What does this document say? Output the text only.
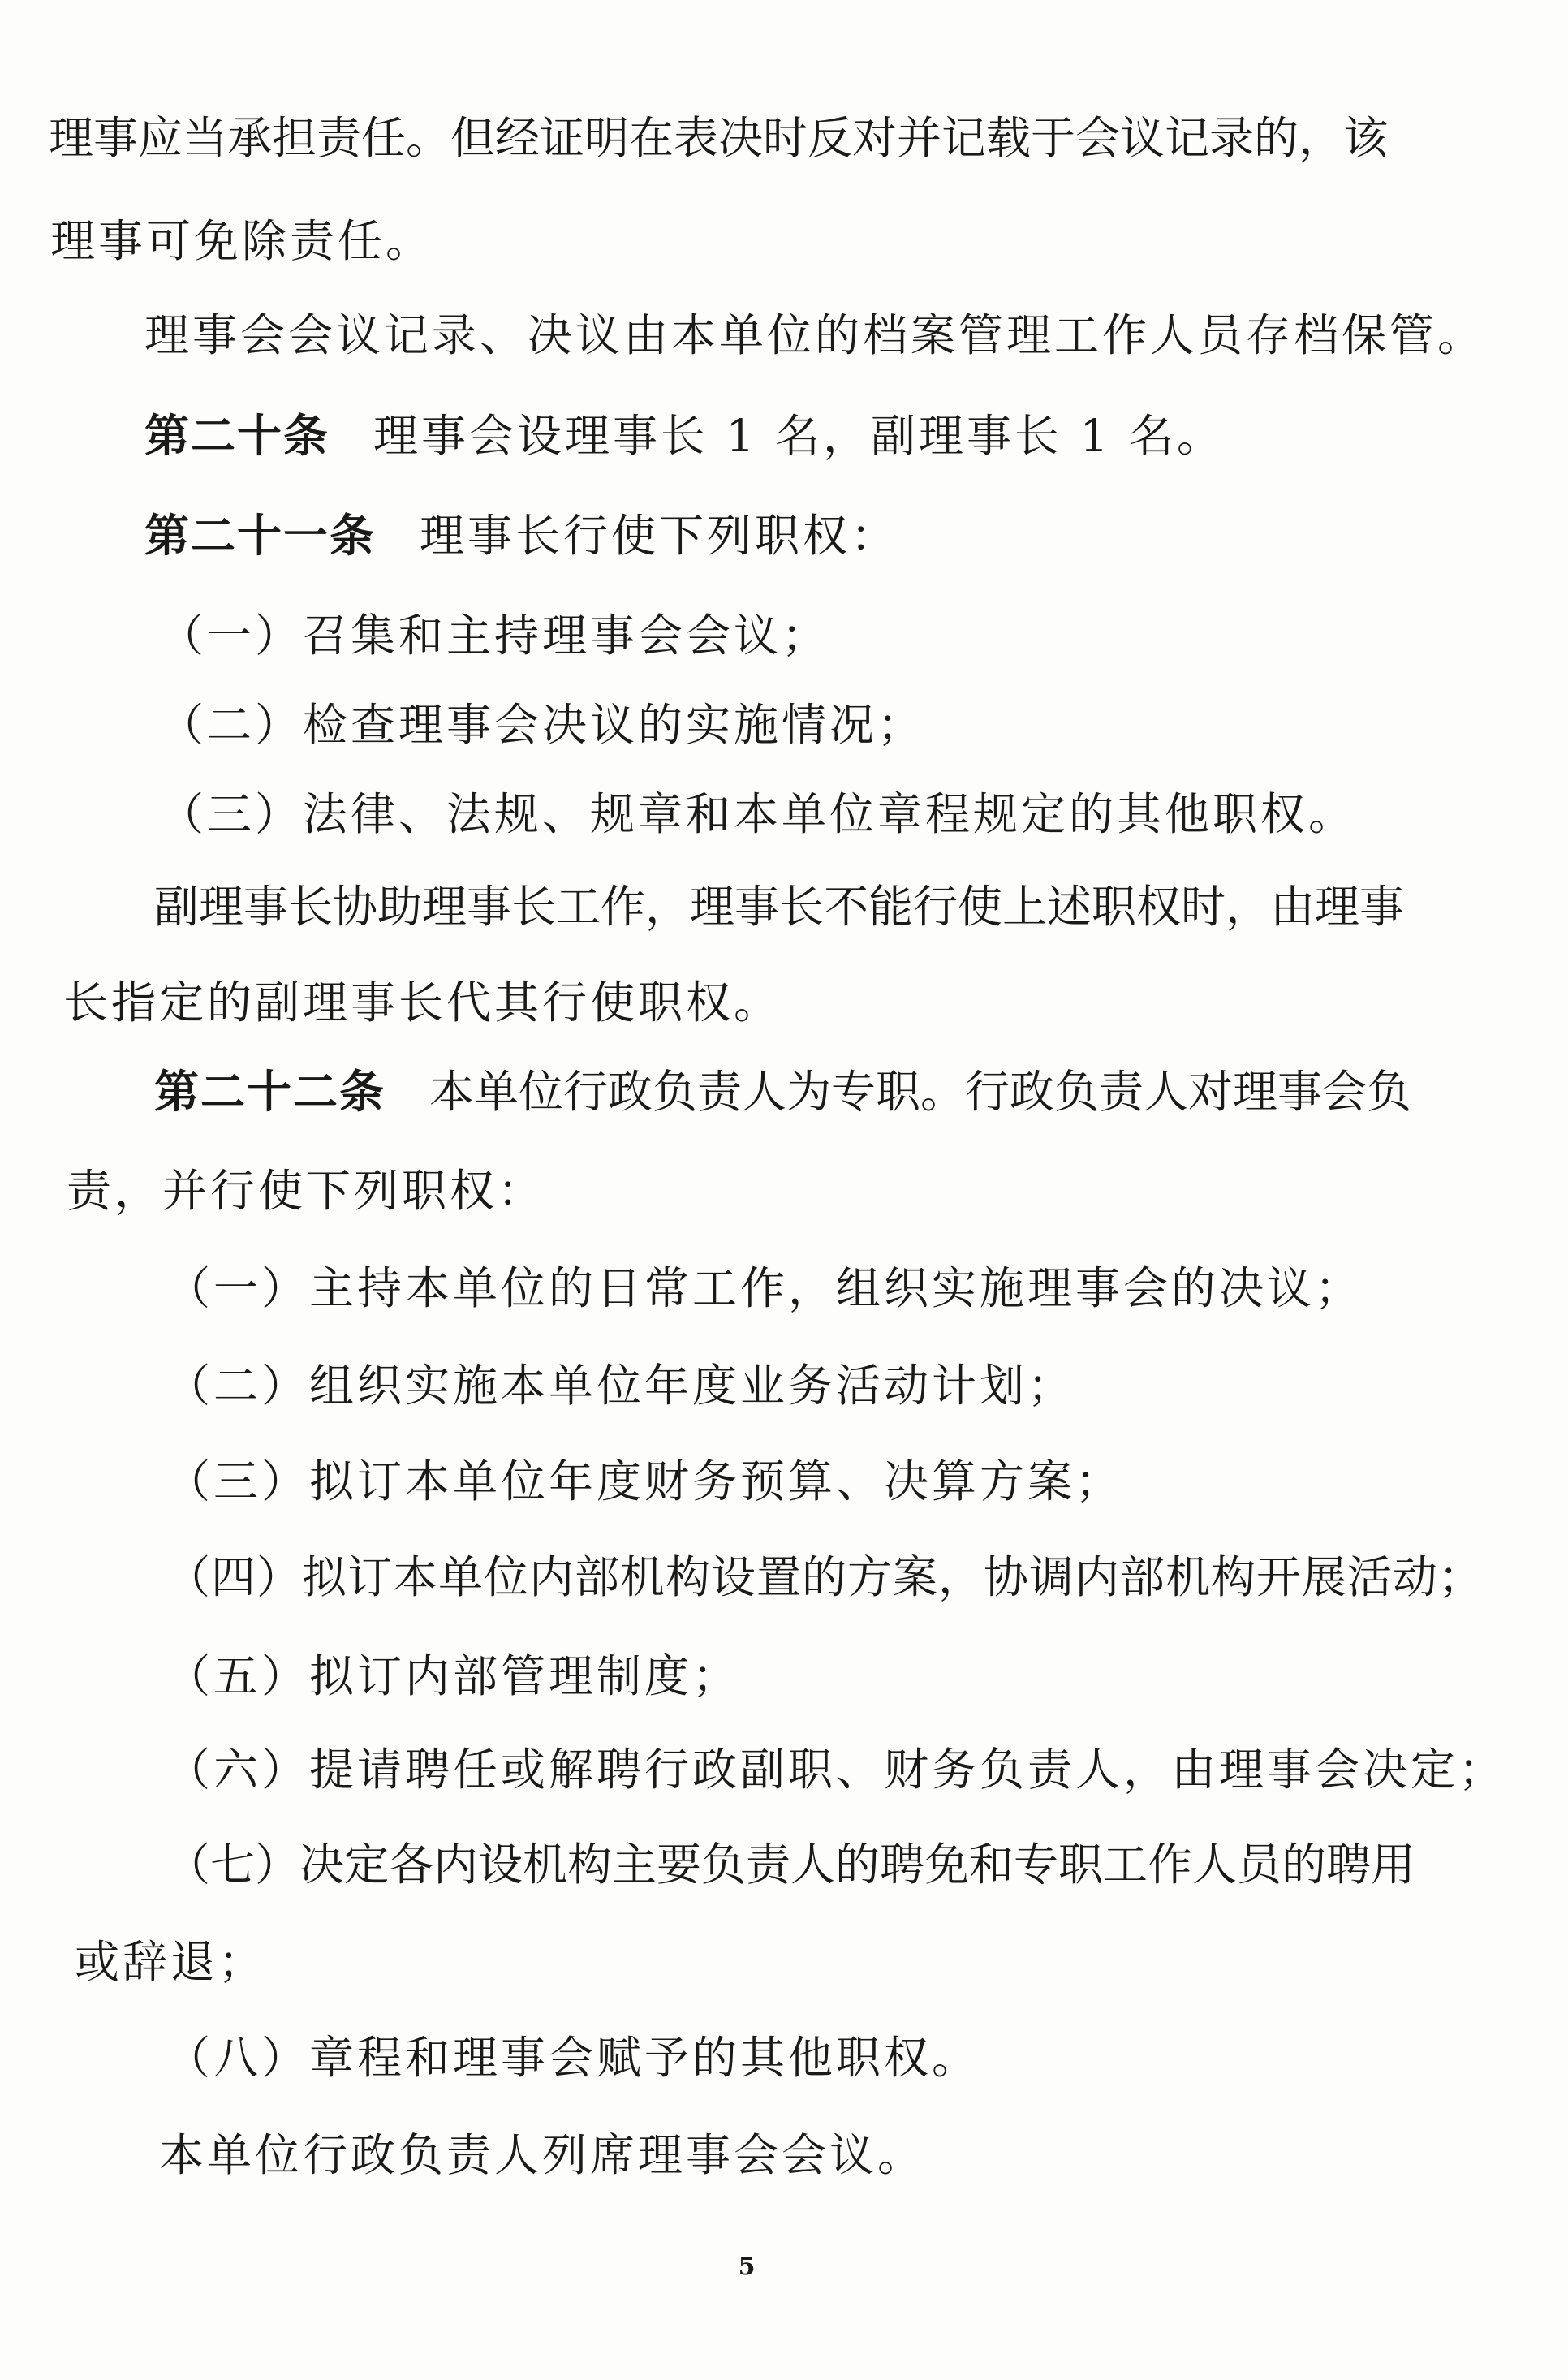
理事应当承担责任。但经证明在表决时反对并记载于会议记录的，该
理事可免除责任。
理事会会议记录、决议由本单位的档案管理工作人员存档保管。
第二十条 理事会设理事长 1 名，副理事长 1 名。
第二十一条 理事长行使下列职权：
（一）召集和主持理事会会议；
（二）检查理事会决议的实施情况；
（三）法律、法规、规章和本单位章程规定的其他职权。
副理事长协助理事长工作，理事长不能行使上述职权时，由理事
长指定的副理事长代其行使职权。
第二十二条 本单位行政负责人为专职。行政负责人对理事会负
责，并行使下列职权：
（一）主持本单位的日常工作，组织实施理事会的决议；
（二）组织实施本单位年度业务活动计划；
（三）拟订本单位年度财务预算、决算方案；
（四）拟订本单位内部机构设置的方案，协调内部机构开展活动；
（五）拟订内部管理制度；
（六）提请聘任或解聘行政副职、财务负责人，由理事会决定；
（七）决定各内设机构主要负责人的聘免和专职工作人员的聘用
或辞退；
（八）章程和理事会赋予的其他职权。
本单位行政负责人列席理事会会议。
5
